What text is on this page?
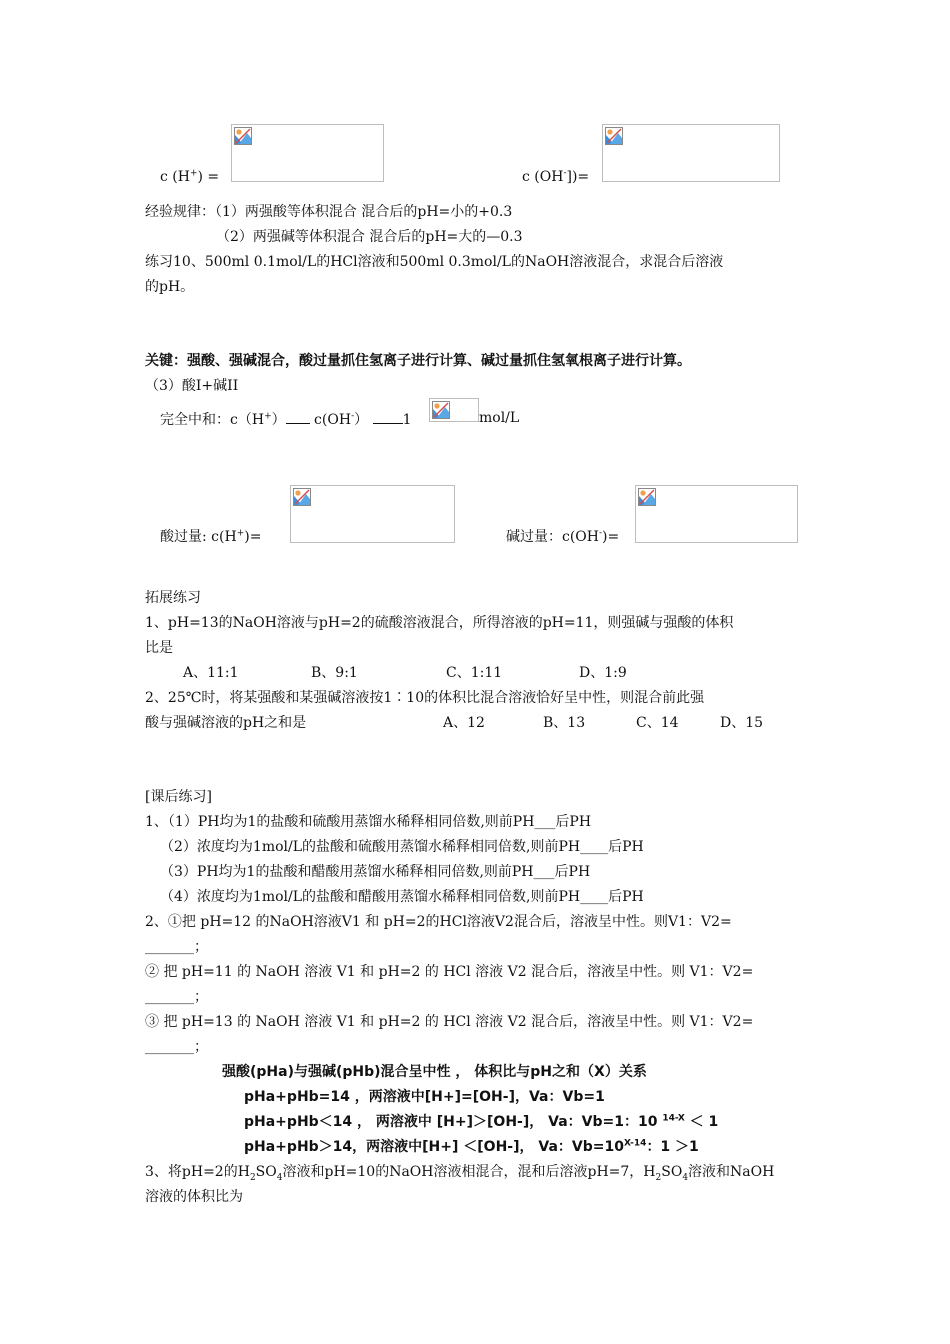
c (H+) =	c (OH-])=
经验规律：（1）两强酸等体积混合 混合后的pH=小的+0.3
（2）两强碱等体积混合 混合后的pH=大的—0.3
练习10、500ml 0.1mol/L的HCl溶液和500ml 0.3mol/L的NaOH溶液混合，求混合后溶液
的pH。
关键：强酸、强碱混合，酸过量抓住氢离子进行计算、碱过量抓住氢氧根离子进行计算。
（3）酸I+碱II
完全中和：c（H+） c(OH-） 1	mol/L
酸过量: c(H+)=	碱过量：c(OH-)=
拓展练习
1、pH=13的NaOH溶液与pH=2的硫酸溶液混合，所得溶液的pH=11，则强碱与强酸的体积
比是
A、11:1	B、9:1	C、1:11	D、1:9
2、25℃时，将某强酸和某强碱溶液按1∶10的体积比混合溶液恰好呈中性，则混合前此强
酸与强碱溶液的pH之和是	A、12	B、13	C、14	D、15
[课后练习]
1、（1）PH均为1的盐酸和硫酸用蒸馏水稀释相同倍数,则前PH___后PH
（2）浓度均为1mol/L的盐酸和硫酸用蒸馏水稀释相同倍数,则前PH____后PH
（3）PH均为1的盐酸和醋酸用蒸馏水稀释相同倍数,则前PH___后PH
（4）浓度均为1mol/L的盐酸和醋酸用蒸馏水稀释相同倍数,则前PH____后PH
2、①把 pH=12 的NaOH溶液V1 和 pH=2的HCl溶液V2混合后，溶液呈中性。则V1：V2=
_______；
② 把 pH=11 的 NaOH 溶液 V1 和 pH=2 的 HCl 溶液 V2 混合后，溶液呈中性。则 V1：V2=
_______；
③ 把 pH=13 的 NaOH 溶液 V1 和 pH=2 的 HCl 溶液 V2 混合后，溶液呈中性。则 V1：V2=
_______；
强酸(pHa)与强碱(pHb)混合呈中性 ， 体积比与pH之和（X）关系
pHa+pHb=14 ，两溶液中[H+]=[OH-]，Va：Vb=1
pHa+pHb＜14 ， 两溶液中 [H+]＞[OH-]， Va：Vb=1：10 $^{14-X}$ ＜ 1
pHa+pHb＞14，两溶液中[H+] ＜[OH-]， Va：$Vb=10^{X-14}$：1 ＞1
3、将pH=2的$H_2SO_4$溶液和pH=10的NaOH溶液相混合，混和后溶液pH=7，$H_2SO_4$溶液和NaOH
溶液的体积比为
